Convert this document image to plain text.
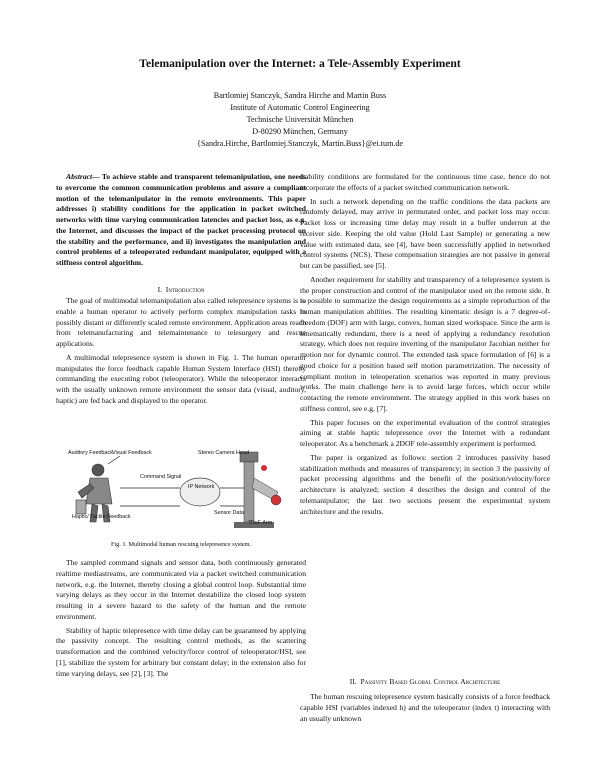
Telemanipulation over the Internet: a Tele-Assembly Experiment
Bartlomiej Stanczyk, Sandra Hirche and Martin Buss
Institute of Automatic Control Engineering
Technische Universität München
D-80290 München, Germany
{Sandra.Hirche, Bartlomiej.Stanczyk, Martin.Buss}@ei.tum.de

Abstract— To achieve stable and transparent telemanipulation, one needs to overcome the common communication problems and assure a compliant motion of the telemanipulator in the remote environments. This paper addresses i) stability conditions for the application in packet switched networks with time varying communication latencies and packet loss, as e.g. the Internet, and discusses the impact of the packet processing protocol on the stability and the performance, and ii) investigates the manipulation and control problems of a teleoperated redundant manipulator, equipped with a stiffness control algorithm.

I. Introduction

The goal of multimodal telemanipulation also called telepresence systems is to enable a human operator to actively perform complex manipulation tasks in possibly distant or differently scaled remote environment. Application areas reach from telemanufacturing and telemaintenance to telesurgery and rescue applications.

A multimodal telepresence system is shown in Fig. 1. The human operator manipulates the force feedback capable Human System Interface (HSI) thereby commanding the executing robot (teleoperator). While the teleoperator interacts with the usually unknown remote environment the sensor data (visual, auditory, haptic) are fed back and displayed to the operator.

Auditory Feedback Visual Feedback
Command Signal
IP Network
Haptic/ Tactile Feedback
Sensor Data
Stereo Camera Head
7DoF Arm
Fig. 1. Multimodal human rescuing telepresence system.

The sampled command signals and sensor data, both continuously generated realtime mediastreams, are communicated via a packet switched communication network, e.g. the Internet, thereby closing a global control loop. Substantial time varying delays as they occur in the Internet destabilize the closed loop system resulting in a severe hazard to the safety of the human and the remote environment.

Stability of haptic telepresence with time delay can be guaranteed by applying the passivity concept. The resulting control methods, as the scattering transformation and the combined velocity/force control of teleoperator/HSI, see [1], stabilize the system for arbitrary but constant delay; in the extension also for time varying delays, see [2], [3]. The

stability conditions are formulated for the continuous time case, hence do not incorporate the effects of a packet switched communication network.

In such a network depending on the traffic conditions the data packets are randomly delayed, may arrive in permutated order, and packet loss may occur. Packet loss or increasing time delay may result in a buffer underrun at the receiver side. Keeping the old value (Hold Last Sample) or generating a new value with estimated data, see [4], have been successfully applied in networked control systems (NCS). These compensation strategies are not passive in general but can be passified, see [5].

Another requirement for stability and transparency of a telepresence system is the proper construction and control of the manipulator used on the remote side. It is possible to summarize the design requirements as a simple reproduction of the human manipulation abilities. The resulting kinematic design is a 7 degree-of-freedom (DOF) arm with large, convex, human sized workspace. Since the arm is kinematically redundant, there is a need of applying a redundancy resolution strategy, which does not require inverting of the manipulator Jacobian neither for motion nor for dynamic control. The extended task space formulation of [6] is a good choice for a position based self motion parametrization. The necessity of compliant motion in teleoperation scenarios was reported in many previous works. The main challenge here is to avoid large forces, which occur while contacting the remote environment. The strategy applied in this work bases on stiffness control, see e.g. [7].

This paper focuses on the experimental evaluation of the control strategies aiming at stable haptic telepresence over the Internet with a redundant teleoperator. As a benchmark a 2DOF tele-assembly experiment is performed.

The paper is organized as follows: section 2 introduces passivity based stabilization methods and measures of transparency; in section 3 the passivity of packet processing algorithms and the benefit of the position/velocity/force architecture is analyzed; section 4 describes the design and control of the telemanipulator; the last two sections present the experimental system architecture and the results.

II. Passivity Based Global Control Architecture

The human rescuing telepresence system basically consists of a force feedback capable HSI (variables indexed h) and the teleoperator (index t) interacting with an usually unknown
